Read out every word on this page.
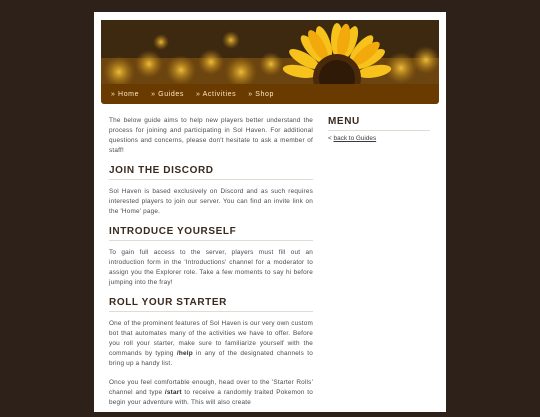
» Home » Guides » Activities » Shop

The below guide aims to help new players better understand the process for joining and participating in Sol Haven. For additional questions and concerns, please don't hesitate to ask a member of staff!

JOIN THE DISCORD

Sol Haven is based exclusively on Discord and as such requires interested players to join our server. You can find an invite link on the 'Home' page.

INTRODUCE YOURSELF

To gain full access to the server, players must fill out an introduction form in the 'Introductions' channel for a moderator to assign you the Explorer role. Take a few moments to say hi before jumping into the fray!

ROLL YOUR STARTER

One of the prominent features of Sol Haven is our very own custom bot that automates many of the activities we have to offer. Before you roll your starter, make sure to familiarize yourself with the commands by typing /help in any of the designated channels to bring up a handy list.

Once you feel comfortable enough, head over to the 'Starter Rolls' channel and type /start to receive a randomly traited Pokemon to begin your adventure with. This will also create

MENU
< back to Guides
